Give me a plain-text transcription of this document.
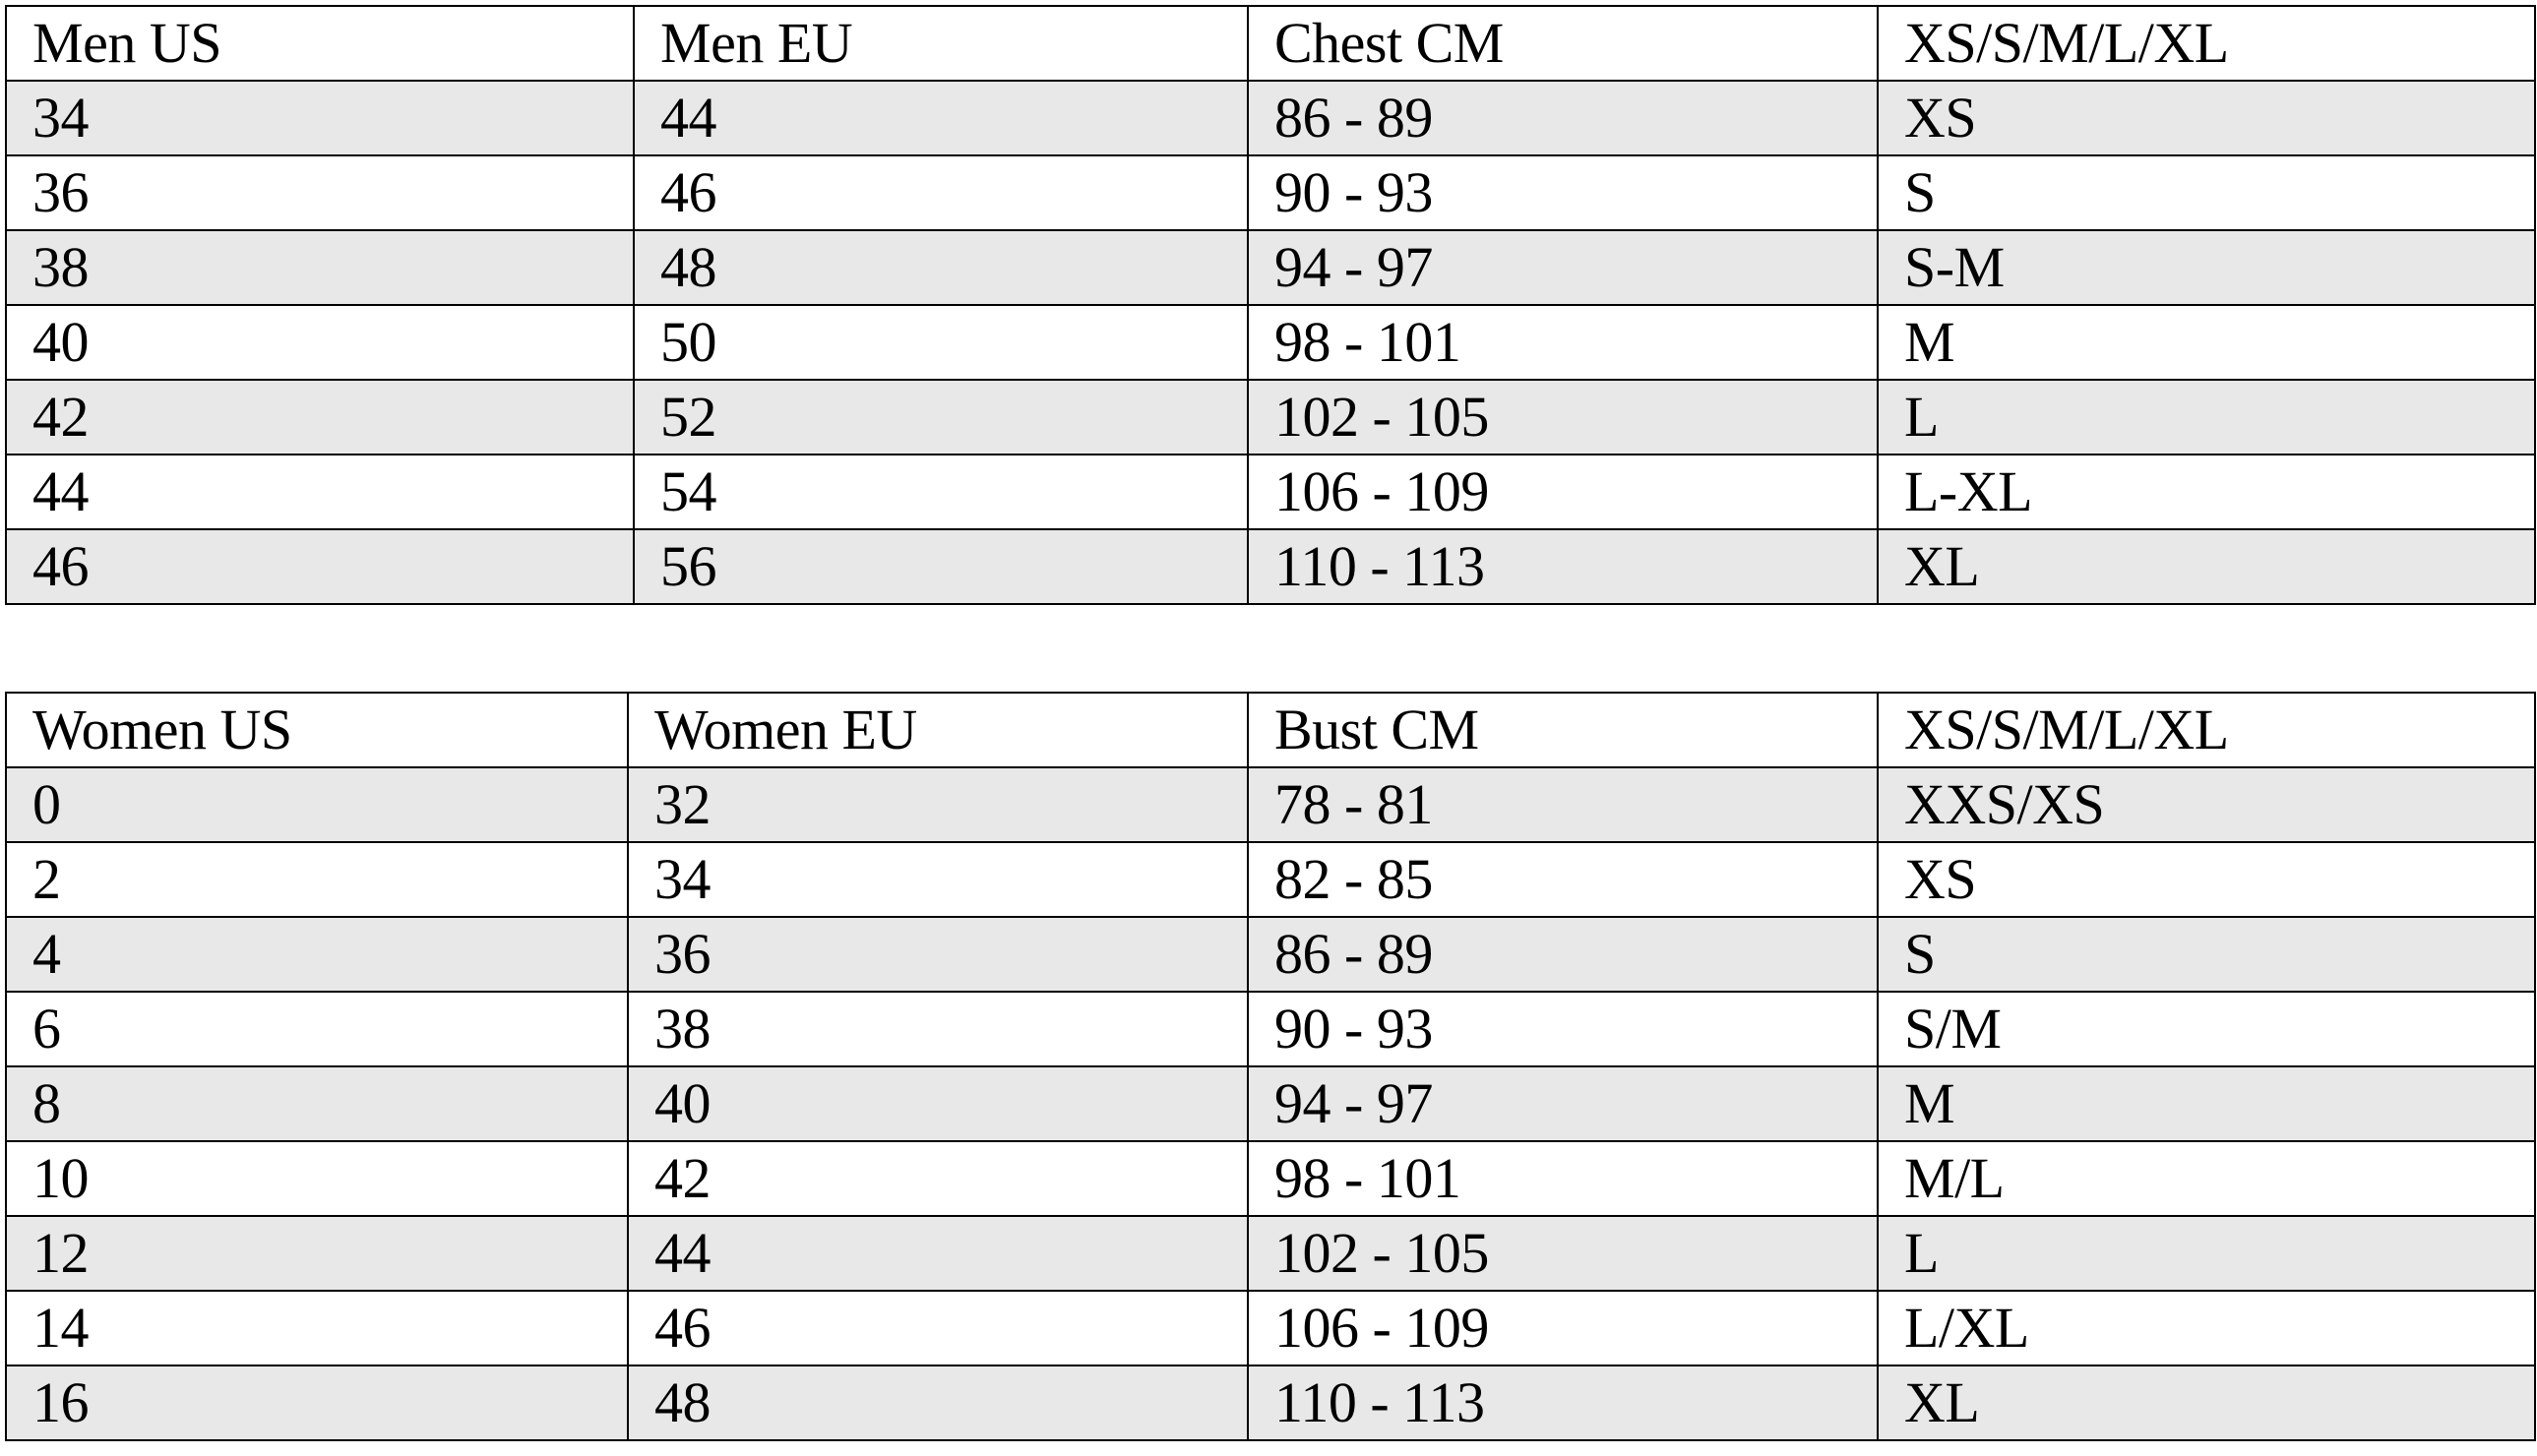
Men US	Men EU	Chest CM	XS/S/M/L/XL
34	44	86 - 89	XS
36	46	90 - 93	S
38	48	94 - 97	S-M
40	50	98 - 101	M
42	52	102 - 105	L
44	54	106 - 109	L-XL
46	56	110 - 113	XL
Women US	Women EU	Bust CM	XS/S/M/L/XL
0	32	78 - 81	XXS/XS
2	34	82 - 85	XS
4	36	86 - 89	S
6	38	90 - 93	S/M
8	40	94 - 97	M
10	42	98 - 101	M/L
12	44	102 - 105	L
14	46	106 - 109	L/XL
16	48	110 - 113	XL
